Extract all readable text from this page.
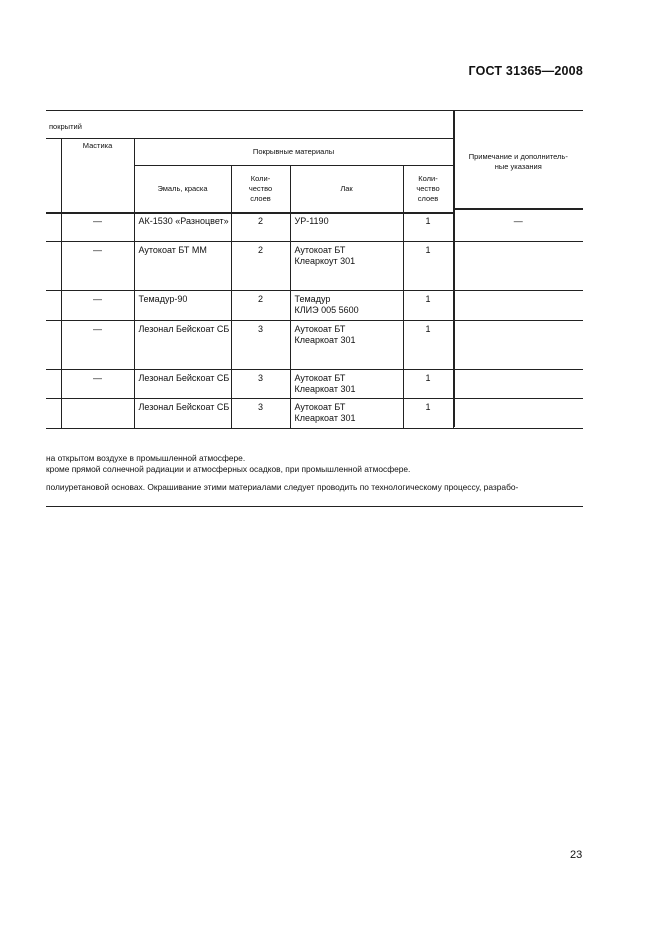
ГОСТ 31365—2008
покрытий						Примечание и дополнитель-
ные указания
	Мастика	Покрывные материалы				
		Эмаль, краска	Коли-
чество
слоев	Лак	Коли-
чество
слоев	

	—	АК-1530 «Разноцвет»	2	УР-1190	1	—
	—	Аутокоат БТ ММ	2	Аутокоат БТ
Клеаркоут 301	1	
	—	Темадур-90	2	Темадур
КЛИЭ 005 5600	1	
	—	Лезонал Бейскоат СБ	3	Аутокоат БТ
Клеаркоат 301	1	
	—	Лезонал Бейскоат СБ	3	Аутокоат БТ
Клеаркоат 301	1	
		Лезонал Бейскоат СБ	3	Аутокоат БТ
Клеаркоат 301	1	

на открытом воздухе в промышленной атмосфере.
кроме прямой солнечной радиации и атмосферных осадков, при промышленной атмосфере.
полиуретановой основах. Окрашивание этими материалами следует проводить по технологическому процессу, разрабо-						
23
